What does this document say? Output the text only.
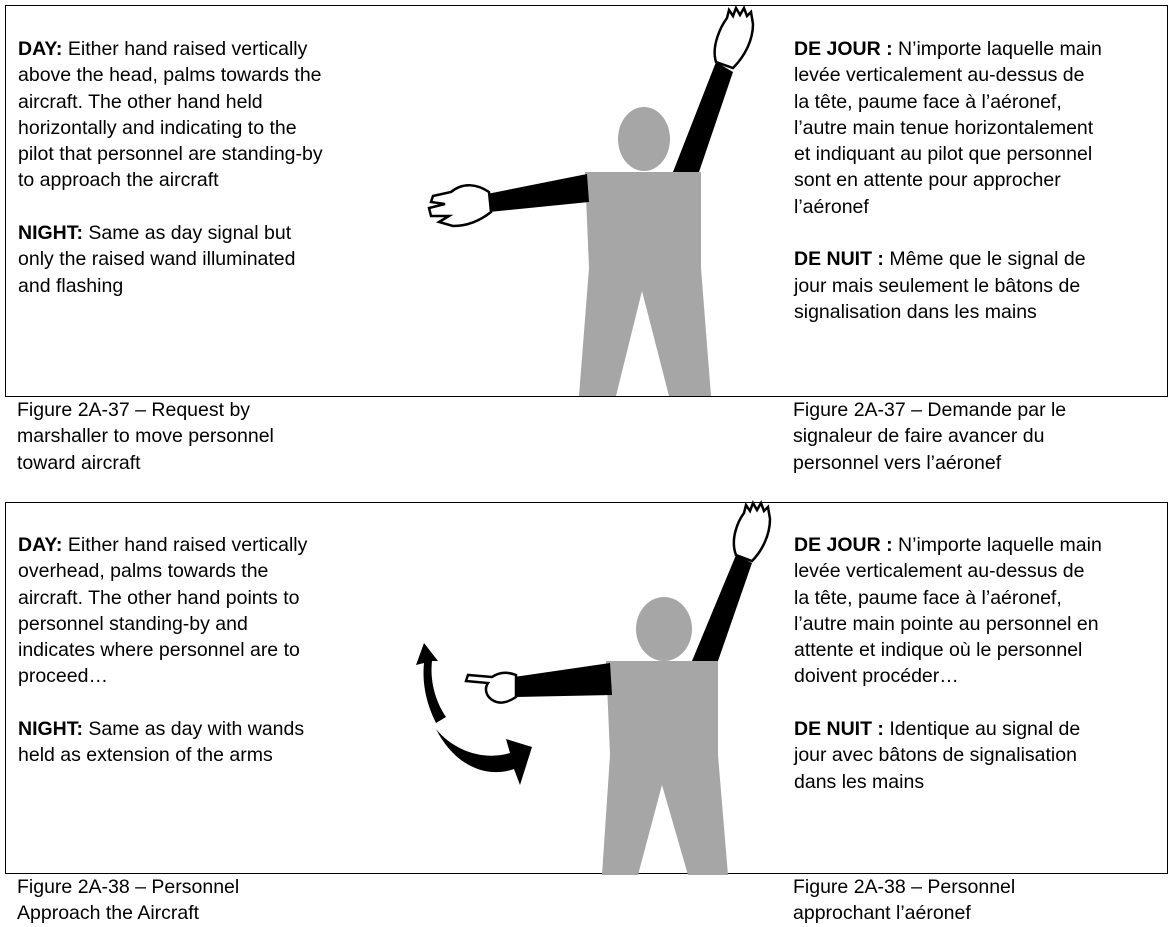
DAY: Either hand raised vertically
above the head, palms towards the
aircraft. The other hand held
horizontally and indicating to the
pilot that personnel are standing-by
to approach the aircraft

NIGHT: Same as day signal but
only the raised wand illuminated
and flashing

DE JOUR : N’importe laquelle main
levée verticalement au-dessus de
la tête, paume face à l’aéronef,
l’autre main tenue horizontalement
et indiquant au pilot que personnel
sont en attente pour approcher
l’aéronef

DE NUIT : Même que le signal de
jour mais seulement le bâtons de
signalisation dans les mains

Figure 2A-37 – Request by
marshaller to move personnel
toward aircraft
Figure 2A-37 – Demande par le
signaleur de faire avancer du
personnel vers l’aéronef

DAY: Either hand raised vertically
overhead, palms towards the
aircraft. The other hand points to
personnel standing-by and
indicates where personnel are to
proceed…

NIGHT: Same as day with wands
held as extension of the arms

DE JOUR : N’importe laquelle main
levée verticalement au-dessus de
la tête, paume face à l’aéronef,
l’autre main pointe au personnel en
attente et indique où le personnel
doivent procéder…

DE NUIT : Identique au signal de
jour avec bâtons de signalisation
dans les mains

Figure 2A-38 – Personnel
Approach the Aircraft
Figure 2A-38 – Personnel
approchant l’aéronef
